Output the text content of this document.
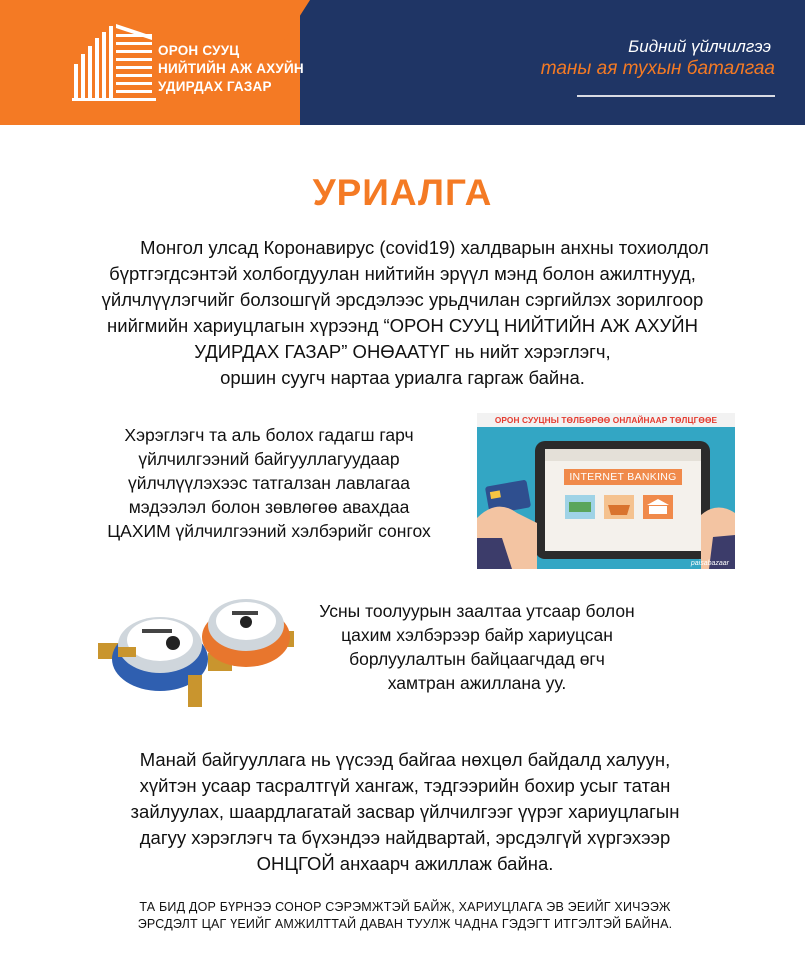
ОРОН СУУЦ
НИЙТИЙН АЖ АХУЙН
УДИРДАХ ГАЗАР
Бидний үйлчилгээ
таны ая тухын баталгаа
УРИАЛГА
Монгол улсад Коронавирус (covid19) халдварын анхны тохиолдол
бүртгэгдсэнтэй холбогдуулан нийтийн эрүүл мэнд болон ажилтнууд,
үйлчлүүлэгчийг болзошгүй эрсдэлээс урьдчилан сэргийлэх зорилгоор
нийгмийн хариуцлагын хүрээнд “ОРОН СУУЦ НИЙТИЙН АЖ АХУЙН
УДИРДАХ ГАЗАР” ОНӨААТҮГ нь нийт хэрэглэгч,
оршин суугч нартаа уриалга гаргаж байна.
Хэрэглэгч та аль болох гадагш гарч
үйлчилгээний байгууллагуудаар
үйлчлүүлэхээс татгалзан лавлагаа
мэдээлэл болон зөвлөгөө авахдаа
ЦАХИМ үйлчилгээний хэлбэрийг сонгох
ОРОН СУУЦНЫ ТӨЛБӨРӨӨ ОНЛАЙНААР ТӨЛЦГӨӨЕ
INTERNET BANKING
paisabazaar
Усны тоолуурын заалтаа утсаар болон
цахим хэлбэрээр байр хариуцсан
борлуулалтын байцаагчдад өгч
хамтран ажиллана уу.
Манай байгууллага нь үүсээд байгаа нөхцөл байдалд халуун,
хүйтэн усаар тасралтгүй хангаж, тэдгээрийн бохир усыг татан
зайлуулах, шаардлагатай засвар үйлчилгээг үүрэг хариуцлагын
дагуу хэрэглэгч та бүхэндээ найдвартай, эрсдэлгүй хүргэхээр
ОНЦГОЙ анхаарч ажиллаж байна.
ТА БИД ДОР БҮРНЭЭ СОНОР СЭРЭМЖТЭЙ БАЙЖ, ХАРИУЦЛАГА ЭВ ЭЕИЙГ ХИЧЭЭЖ
ЭРСДЭЛТ ЦАГ ҮЕИЙГ АМЖИЛТТАЙ ДАВАН ТУУЛЖ ЧАДНА ГЭДЭГТ ИТГЭЛТЭЙ БАЙНА.
